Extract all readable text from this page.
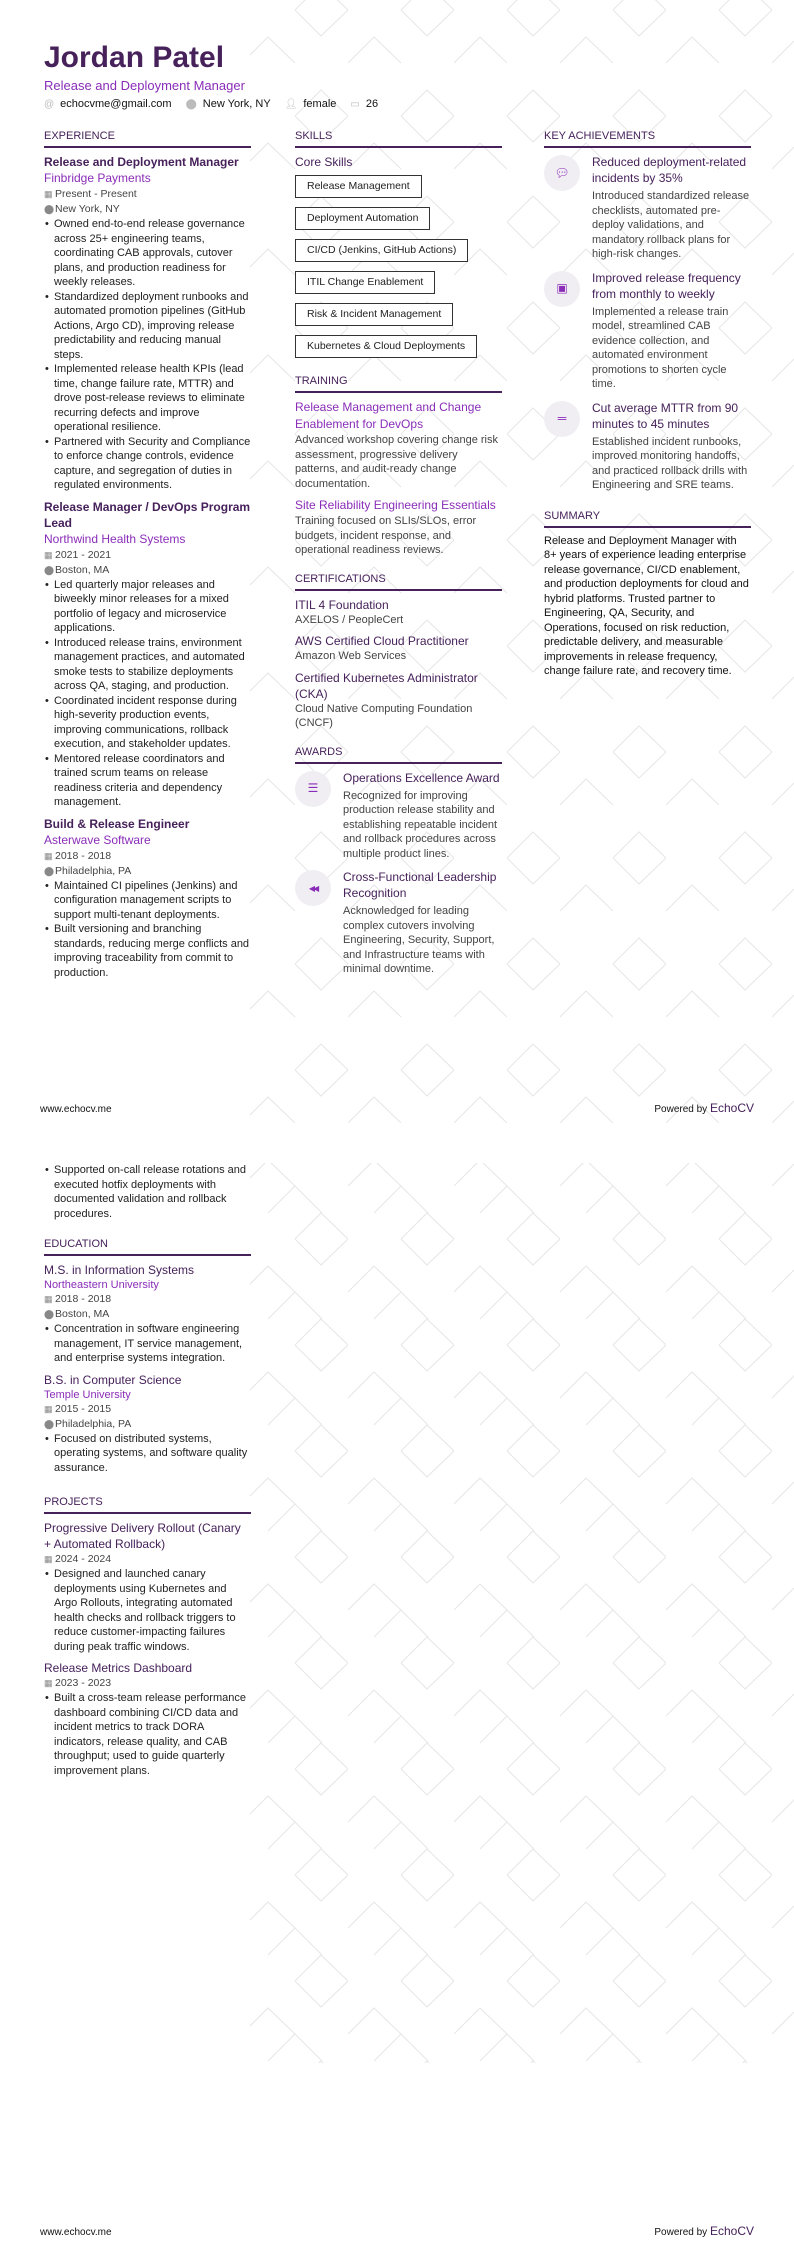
Jordan Patel
Release and Deployment Manager
@ echocvme@gmail.com ⬤ New York, NY 👤︎ female ▭ 26
EXPERIENCE
Release and Deployment Manager
Finbridge Payments
▦ Present - Present
⬤New York, NY
• Owned end-to-end release governance across 25+ engineering teams, coordinating CAB approvals, cutover plans, and production readiness for weekly releases.
• Standardized deployment runbooks and automated promotion pipelines (GitHub Actions, Argo CD), improving release predictability and reducing manual steps.
• Implemented release health KPIs (lead time, change failure rate, MTTR) and drove post-release reviews to eliminate recurring defects and improve operational resilience.
• Partnered with Security and Compliance to enforce change controls, evidence capture, and segregation of duties in regulated environments.
Release Manager / DevOps Program Lead
Northwind Health Systems
▦ 2021 - 2021
⬤Boston, MA
• Led quarterly major releases and biweekly minor releases for a mixed portfolio of legacy and microservice applications.
• Introduced release trains, environment management practices, and automated smoke tests to stabilize deployments across QA, staging, and production.
• Coordinated incident response during high-severity production events, improving communications, rollback execution, and stakeholder updates.
• Mentored release coordinators and trained scrum teams on release readiness criteria and dependency management.
Build & Release Engineer
Asterwave Software
▦ 2018 - 2018
⬤Philadelphia, PA
• Maintained CI pipelines (Jenkins) and configuration management scripts to support multi-tenant deployments.
• Built versioning and branching standards, reducing merge conflicts and improving traceability from commit to production.
SKILLS
Core Skills
Release Management
Deployment Automation
CI/CD (Jenkins, GitHub Actions)
ITIL Change Enablement
Risk & Incident Management
Kubernetes & Cloud Deployments
TRAINING
Release Management and Change Enablement for DevOps
Advanced workshop covering change risk assessment, progressive delivery patterns, and audit-ready change documentation.
Site Reliability Engineering Essentials
Training focused on SLIs/SLOs, error budgets, incident response, and operational readiness reviews.
CERTIFICATIONS
ITIL 4 Foundation
AXELOS / PeopleCert
AWS Certified Cloud Practitioner
Amazon Web Services
Certified Kubernetes Administrator (CKA)
Cloud Native Computing Foundation (CNCF)
AWARDS
☰
Operations Excellence Award
Recognized for improving production release stability and establishing repeatable incident and rollback procedures across multiple product lines.
◀◀
Cross-Functional Leadership Recognition
Acknowledged for leading complex cutovers involving Engineering, Security, Support, and Infrastructure teams with minimal downtime.
KEY ACHIEVEMENTS
💬︎
Reduced deployment-related incidents by 35%
Introduced standardized release checklists, automated pre-deploy validations, and mandatory rollback plans for high-risk changes.
▣
Improved release frequency from monthly to weekly
Implemented a release train model, streamlined CAB evidence collection, and automated environment promotions to shorten cycle time.
═
Cut average MTTR from 90 minutes to 45 minutes
Established incident runbooks, improved monitoring handoffs, and practiced rollback drills with Engineering and SRE teams.
SUMMARY
Release and Deployment Manager with 8+ years of experience leading enterprise release governance, CI/CD enablement, and production deployments for cloud and hybrid platforms. Trusted partner to Engineering, QA, Security, and Operations, focused on risk reduction, predictable delivery, and measurable improvements in release frequency, change failure rate, and recovery time.
www.echocv.me	Powered by EchoCV
• Supported on-call release rotations and executed hotfix deployments with documented validation and rollback procedures.
EDUCATION
M.S. in Information Systems
Northeastern University
▦ 2018 - 2018
⬤Boston, MA
• Concentration in software engineering management, IT service management, and enterprise systems integration.
B.S. in Computer Science
Temple University
▦ 2015 - 2015
⬤Philadelphia, PA
• Focused on distributed systems, operating systems, and software quality assurance.
PROJECTS
Progressive Delivery Rollout (Canary + Automated Rollback)
▦ 2024 - 2024
• Designed and launched canary deployments using Kubernetes and Argo Rollouts, integrating automated health checks and rollback triggers to reduce customer-impacting failures during peak traffic windows.
Release Metrics Dashboard
▦ 2023 - 2023
• Built a cross-team release performance dashboard combining CI/CD data and incident metrics to track DORA indicators, release quality, and CAB throughput; used to guide quarterly improvement plans.
www.echocv.me	Powered by EchoCV
